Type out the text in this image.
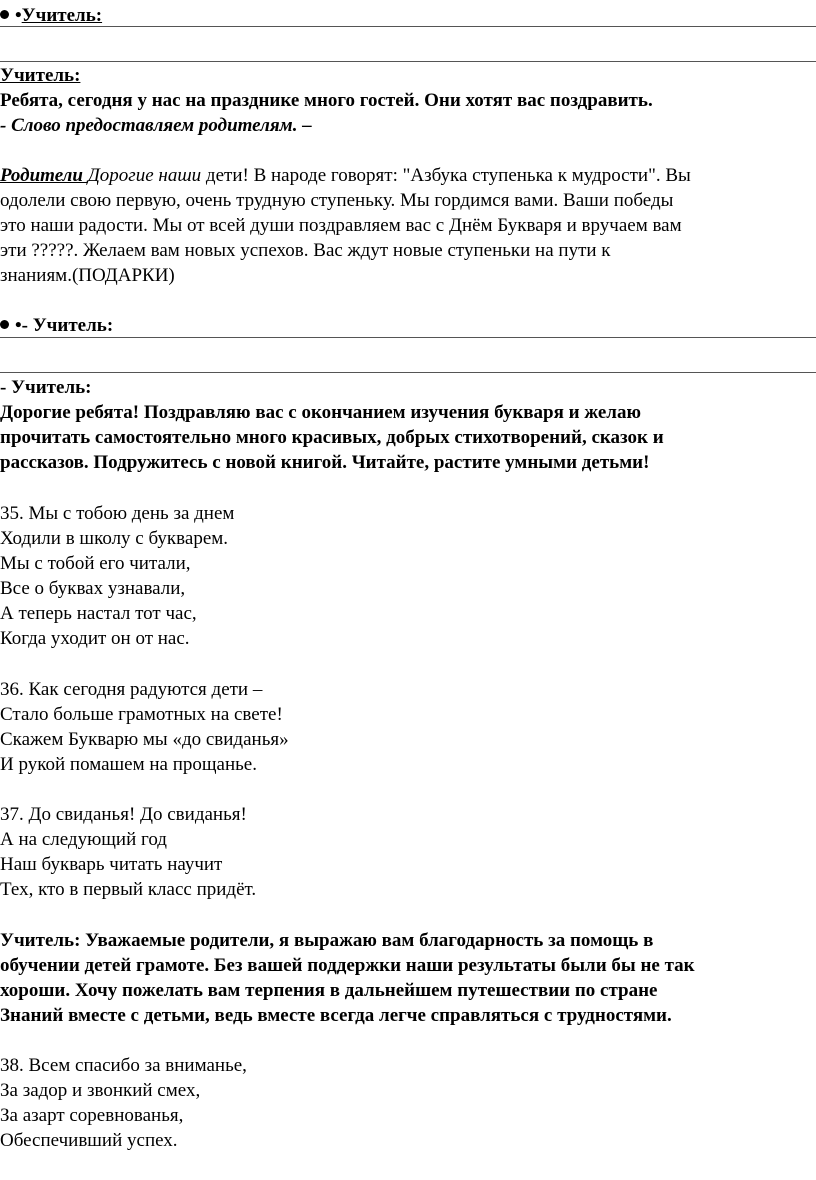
•Учитель:
Учитель:
Ребята, сегодня у нас на празднике много гостей. Они хотят вас поздравить.
- Слово предоставляем родителям. –
Родители Дорогие наши дети! В народе говорят: "Азбука ступенька к мудрости". Вы
одолели свою первую, очень трудную ступеньку. Мы гордимся вами. Ваши победы
это наши радости. Мы от всей души поздравляем вас с Днём Букваря и вручаем вам
эти ?????. Желаем вам новых успехов. Вас ждут новые ступеньки на пути к
знаниям.(ПОДАРКИ)
•- Учитель:
- Учитель:
Дорогие ребята! Поздравляю вас с окончанием изучения букваря и желаю
прочитать самостоятельно много красивых, добрых стихотворений, сказок и
рассказов. Подружитесь с новой книгой. Читайте, растите умными детьми!
35. Мы с тобою день за днем
Ходили в школу с букварем.
Мы с тобой его читали,
Все о буквах узнавали,
А теперь настал тот час,
Когда уходит он от нас.
36. Как сегодня радуются дети –
Стало больше грамотных на свете!
Скажем Букварю мы «до свиданья»
И рукой помашем на прощанье.
37. До свиданья! До свиданья!
А на следующий год
Наш букварь читать научит
Тех, кто в первый класс придёт.
Учитель: Уважаемые родители, я выражаю вам благодарность за помощь в
обучении детей грамоте. Без вашей поддержки наши результаты были бы не так
хороши. Хочу пожелать вам терпения в дальнейшем путешествии по стране
Знаний вместе с детьми, ведь вместе всегда легче справляться с трудностями.
38. Всем спасибо за вниманье,
За задор и звонкий смех,
За азарт соревнованья,
Обеспечивший успех.
